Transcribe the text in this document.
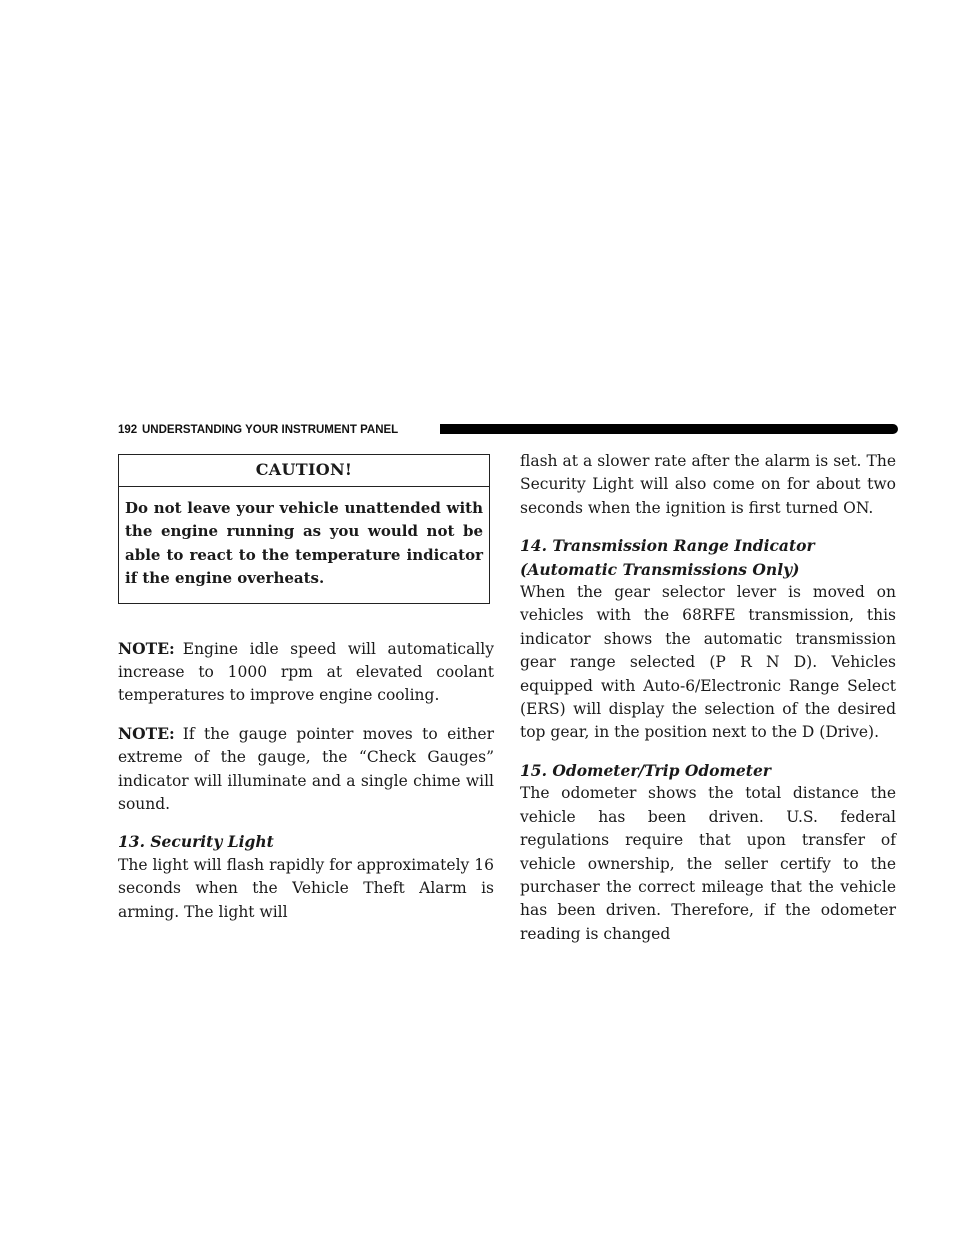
192 UNDERSTANDING YOUR INSTRUMENT PANEL
CAUTION!
Do not leave your vehicle unattended with the engine running as you would not be able to react to the temperature indicator if the engine overheats.

NOTE: Engine idle speed will automatically increase to 1000 rpm at elevated coolant temperatures to improve engine cooling.

NOTE: If the gauge pointer moves to either extreme of the gauge, the “Check Gauges” indicator will illuminate and a single chime will sound.

13. Security Light

The light will flash rapidly for approximately 16 seconds when the Vehicle Theft Alarm is arming. The light will

flash at a slower rate after the alarm is set. The Security Light will also come on for about two seconds when the ignition is first turned ON.

14. Transmission Range Indicator (Automatic Transmissions Only)

When the gear selector lever is moved on vehicles with the 68RFE transmission, this indicator shows the automatic transmission gear range selected (P R N D). Vehicles equipped with Auto-6/Electronic Range Select (ERS) will display the selection of the desired top gear, in the position next to the D (Drive).

15. Odometer/Trip Odometer

The odometer shows the total distance the vehicle has been driven. U.S. federal regulations require that upon transfer of vehicle ownership, the seller certify to the purchaser the correct mileage that the vehicle has been driven. Therefore, if the odometer reading is changed
